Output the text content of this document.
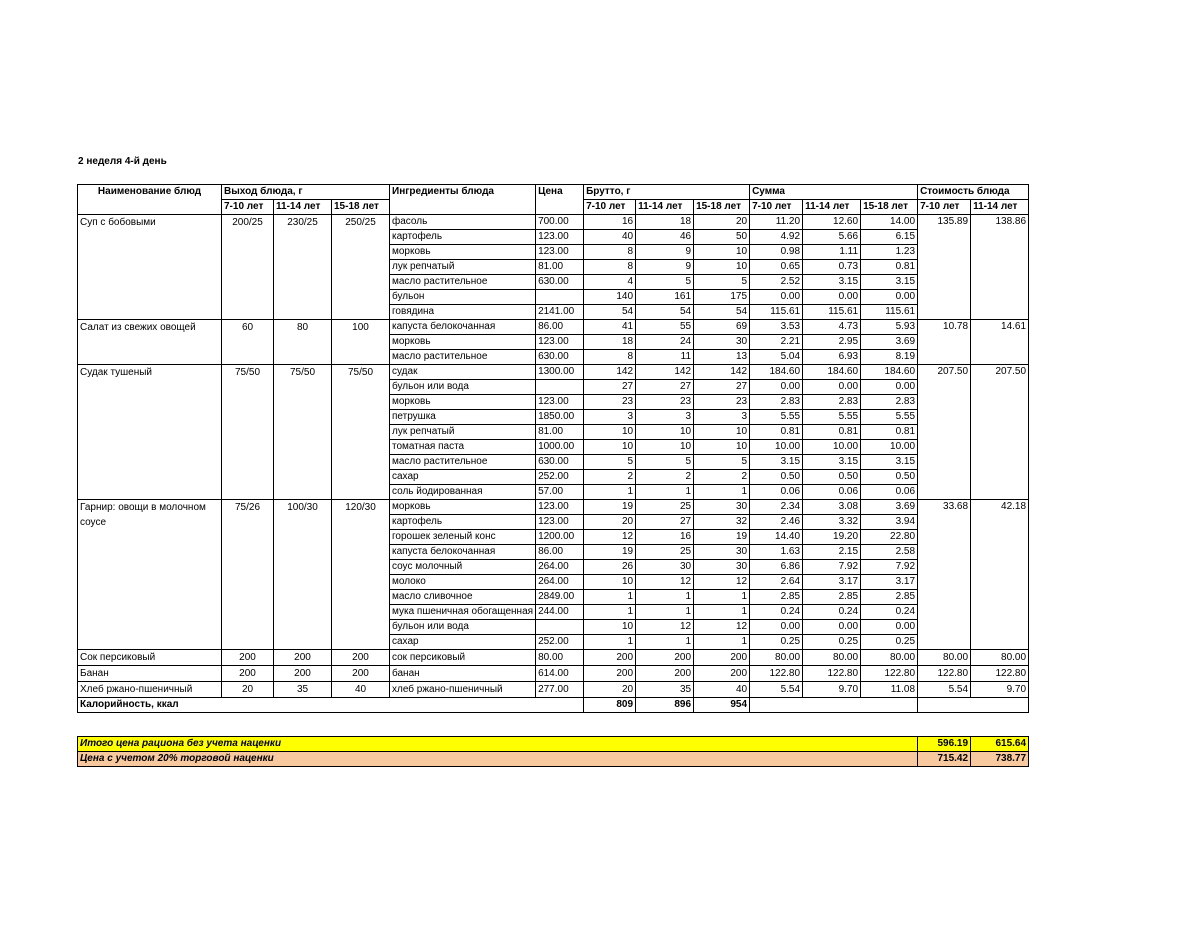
2 неделя 4-й день
Наименование блюд	Выход блюда, г			Ингредиенты блюда	Цена	Брутто, г			Сумма			Стоимость блюда	
	7-10 лет	11-14 лет	15-18 лет			7-10 лет	11-14 лет	15-18 лет	7-10 лет	11-14 лет	15-18 лет	7-10 лет	11-14 лет
Суп с бобовыми	200/25	230/25	250/25	фасоль	700.00	16	18	20	11.20	12.60	14.00	135.89	138.86
				картофель	123.00	40	46	50	4.92	5.66	6.15		
				морковь	123.00	8	9	10	0.98	1.11	1.23		
				лук репчатый	81.00	8	9	10	0.65	0.73	0.81		
				масло растительное	630.00	4	5	5	2.52	3.15	3.15		
				бульон		140	161	175	0.00	0.00	0.00		
				говядина	2141.00	54	54	54	115.61	115.61	115.61		
Салат из свежих овощей	60	80	100	капуста белокочанная	86.00	41	55	69	3.53	4.73	5.93	10.78	14.61
				морковь	123.00	18	24	30	2.21	2.95	3.69		
				масло растительное	630.00	8	11	13	5.04	6.93	8.19		
Судак тушеный	75/50	75/50	75/50	судак	1300.00	142	142	142	184.60	184.60	184.60	207.50	207.50
				бульон или вода		27	27	27	0.00	0.00	0.00		
				морковь	123.00	23	23	23	2.83	2.83	2.83		
				петрушка	1850.00	3	3	3	5.55	5.55	5.55		
				лук репчатый	81.00	10	10	10	0.81	0.81	0.81		
				томатная паста	1000.00	10	10	10	10.00	10.00	10.00		
				масло растительное	630.00	5	5	5	3.15	3.15	3.15		
				сахар	252.00	2	2	2	0.50	0.50	0.50		
				соль йодированная	57.00	1	1	1	0.06	0.06	0.06		
Гарнир: овощи в молочном соусе	75/26	100/30	120/30	морковь	123.00	19	25	30	2.34	3.08	3.69	33.68	42.18
				картофель	123.00	20	27	32	2.46	3.32	3.94		
				горошек зеленый конс	1200.00	12	16	19	14.40	19.20	22.80		
				капуста белокочанная	86.00	19	25	30	1.63	2.15	2.58		
				соус молочный	264.00	26	30	30	6.86	7.92	7.92		
				молоко	264.00	10	12	12	2.64	3.17	3.17		
				масло сливочное	2849.00	1	1	1	2.85	2.85	2.85		
				мука пшеничная обогащенная	244.00	1	1	1	0.24	0.24	0.24		
				бульон или вода		10	12	12	0.00	0.00	0.00		
				сахар	252.00	1	1	1	0.25	0.25	0.25		
Сок персиковый	200	200	200	сок персиковый	80.00	200	200	200	80.00	80.00	80.00	80.00	80.00
Банан	200	200	200	банан	614.00	200	200	200	122.80	122.80	122.80	122.80	122.80
Хлеб ржано-пшеничный	20	35	40	хлеб ржано-пшеничный	277.00	20	35	40	5.54	9.70	11.08	5.54	9.70
Калорийность, ккал						809	896	954					

Итого цена рациона без учета наценки												596.19	615.64
Цена с учетом 20% торговой наценки												715.42	738.77
